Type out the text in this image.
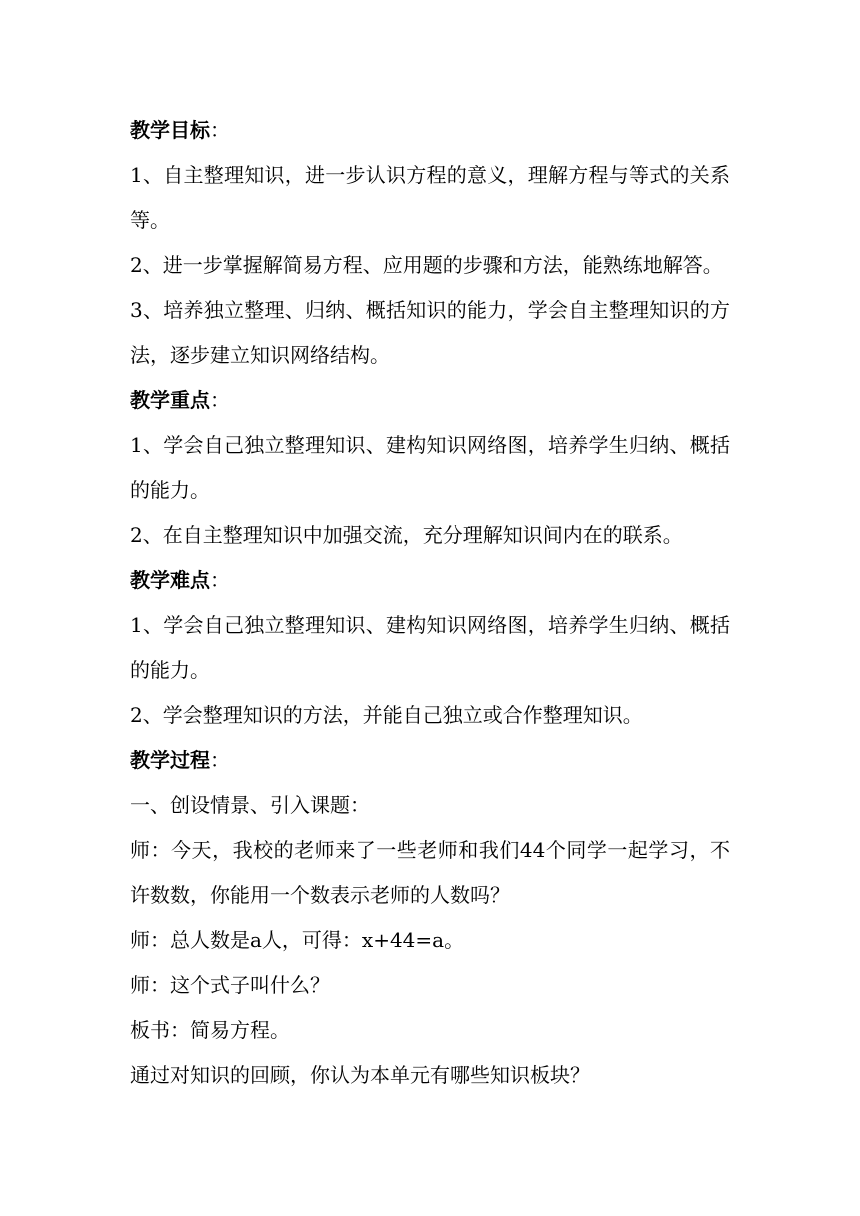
教学目标：
1、自主整理知识，进一步认识方程的意义，理解方程与等式的关系
等。
2、进一步掌握解简易方程、应用题的步骤和方法，能熟练地解答。
3、培养独立整理、归纳、概括知识的能力，学会自主整理知识的方
法，逐步建立知识网络结构。
教学重点：
1、学会自己独立整理知识、建构知识网络图，培养学生归纳、概括
的能力。
2、在自主整理知识中加强交流，充分理解知识间内在的联系。
教学难点：
1、学会自己独立整理知识、建构知识网络图，培养学生归纳、概括
的能力。
2、学会整理知识的方法，并能自己独立或合作整理知识。
教学过程：
一、创设情景、引入课题：
师：今天，我校的老师来了一些老师和我们44个同学一起学习，不
许数数，你能用一个数表示老师的人数吗？
师：总人数是a人，可得：x+44=a。
师：这个式子叫什么？
板书：简易方程。
通过对知识的回顾，你认为本单元有哪些知识板块？
